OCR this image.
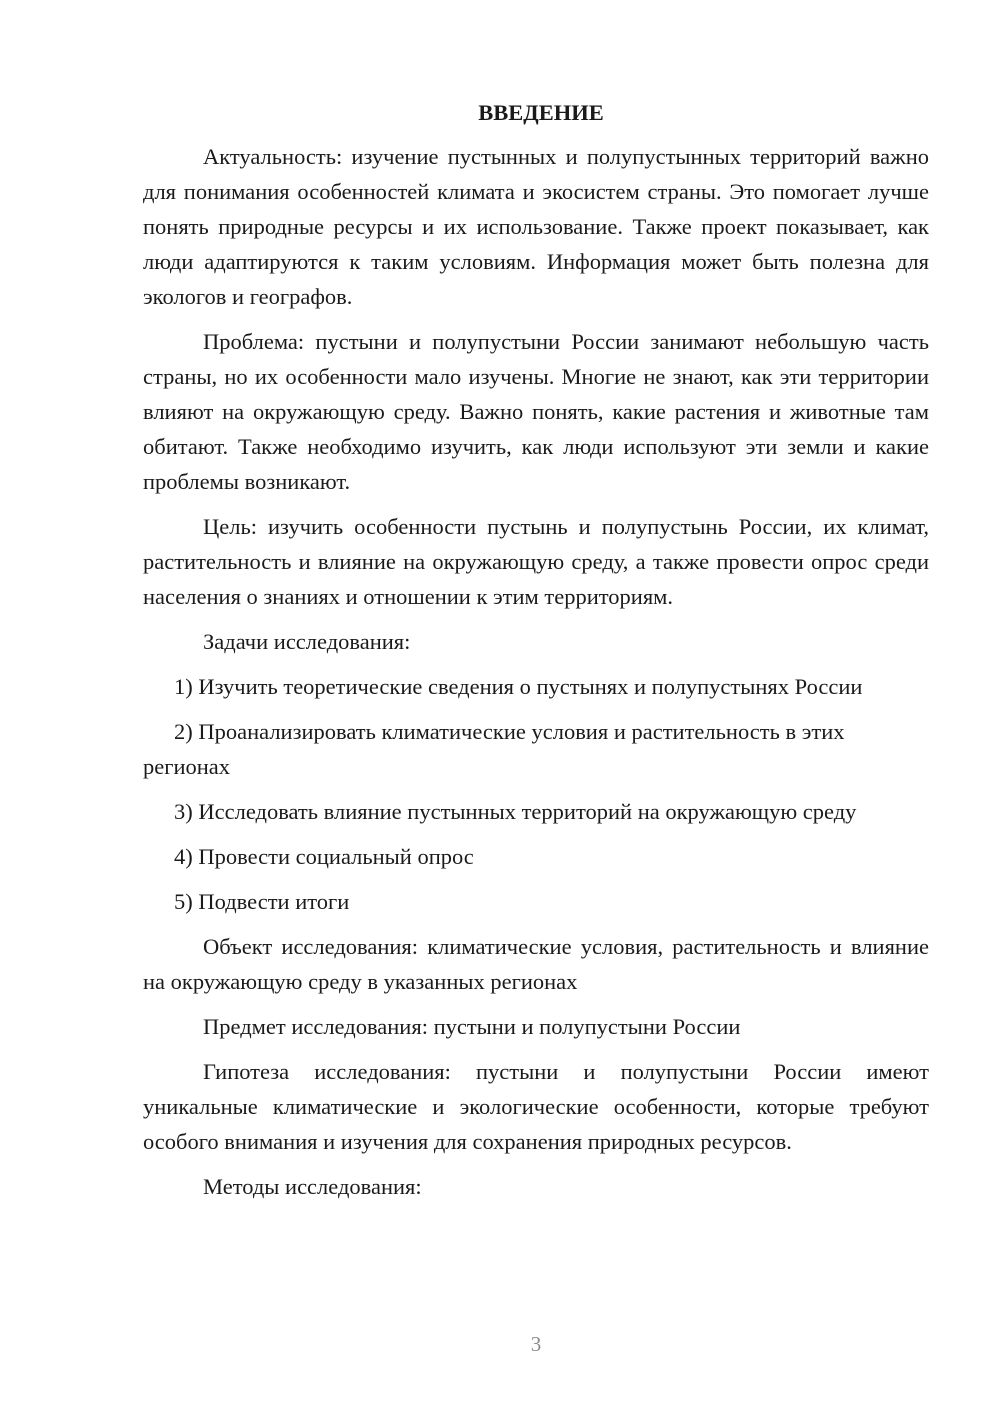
ВВЕДЕНИЕ

Актуальность: изучение пустынных и полупустынных территорий важно для понимания особенностей климата и экосистем страны. Это помогает лучше понять природные ресурсы и их использование. Также проект показывает, как люди адаптируются к таким условиям. Информация может быть полезна для экологов и географов.

Проблема: пустыни и полупустыни России занимают небольшую часть страны, но их особенности мало изучены. Многие не знают, как эти территории влияют на окружающую среду. Важно понять, какие растения и животные там обитают. Также необходимо изучить, как люди используют эти земли и какие проблемы возникают.

Цель: изучить особенности пустынь и полупустынь России, их климат, растительность и влияние на окружающую среду, а также провести опрос среди населения о знаниях и отношении к этим территориям.

Задачи исследования:

1) Изучить теоретические сведения о пустынях и полупустынях России

2) Проанализировать климатические условия и растительность в этих регионах

3) Исследовать влияние пустынных территорий на окружающую среду

4) Провести социальный опрос

5) Подвести итоги

Объект исследования: климатические условия, растительность и влияние на окружающую среду в указанных регионах

Предмет исследования: пустыни и полупустыни России

Гипотеза исследования: пустыни и полупустыни России имеют уникальные климатические и экологические особенности, которые требуют особого внимания и изучения для сохранения природных ресурсов.

Методы исследования:

3
